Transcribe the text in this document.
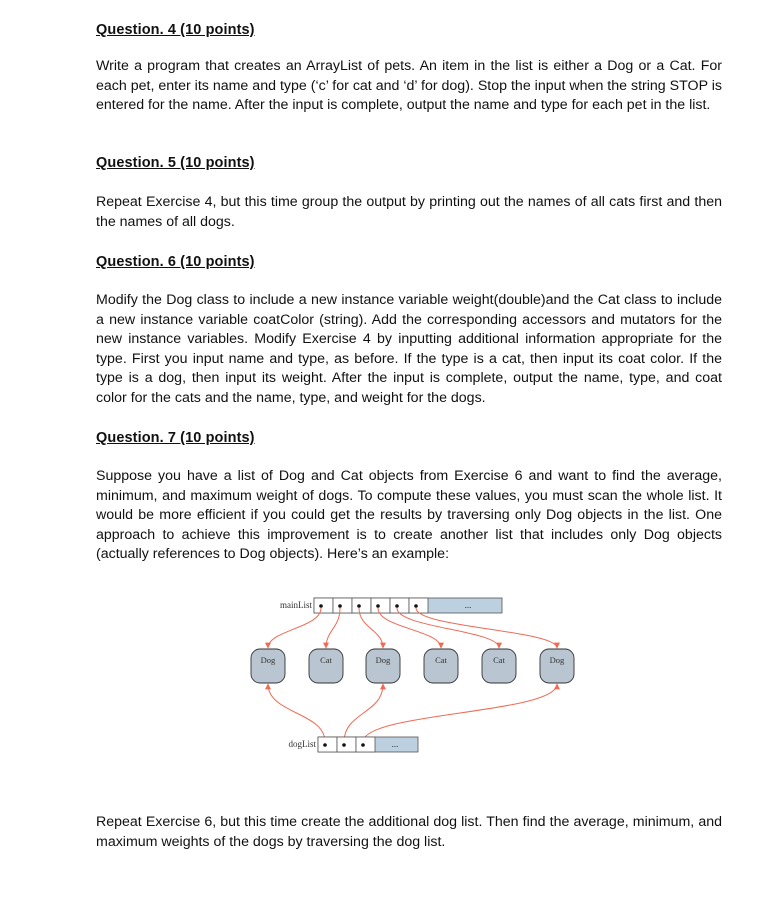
Question. 4 (10 points)

Write a program that creates an ArrayList of pets. An item in the list is either a Dog or a Cat. For each pet, enter its name and type (‘c’ for cat and ‘d’ for dog). Stop the input when the string STOP is entered for the name. After the input is complete, output the name and type for each pet in the list.

Question. 5 (10 points)

Repeat Exercise 4, but this time group the output by printing out the names of all cats first and then the names of all dogs.

Question. 6 (10 points)

Modify the Dog class to include a new instance variable weight(double)and the Cat class to include a new instance variable coatColor (string). Add the corresponding accessors and mutators for the new instance variables. Modify Exercise 4 by inputting additional information appropriate for the type. First you input name and type, as before. If the type is a cat, then input its coat color. If the type is a dog, then input its weight. After the input is complete, output the name, type, and coat color for the cats and the name, type, and weight for the dogs.

Question. 7 (10 points)

Suppose you have a list of Dog and Cat objects from Exercise 6 and want to find the average, minimum, and maximum weight of dogs. To compute these values, you must scan the whole list. It would be more efficient if you could get the results by traversing only Dog objects in the list. One approach to achieve this improvement is to create another list that includes only Dog objects (actually references to Dog objects). Here’s an example:

mainList	...
Dog	Cat	Dog	Cat	Cat	Dog
dogList	...

Repeat Exercise 6, but this time create the additional dog list. Then find the average, minimum, and maximum weights of the dogs by traversing the dog list.
